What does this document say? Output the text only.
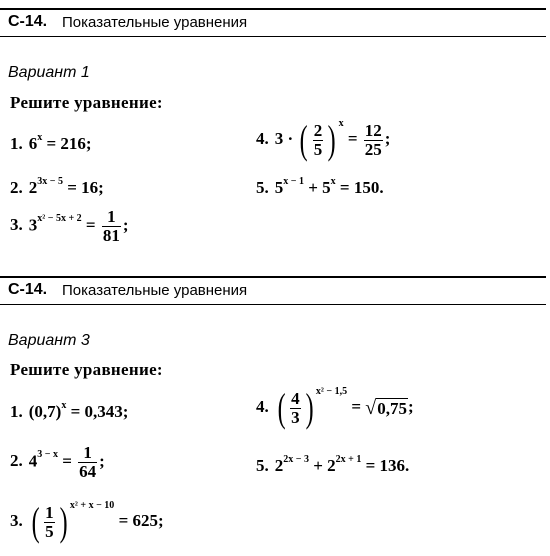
С-14. Показательные уравнения
Вариант 1
Решите уравнение:
1. $6^x = 216$;
2. $2^{3x - 5} = 16$;
3. $3^{x^2 - 5x + 2} = \frac{1}{81}$ ;
4. 3 · ( $\frac{2}{5}$ ) $^x = \frac{12}{25}$ ;
5. $5^{x - 1} + 5^x = 150$.
С-14. Показательные уравнения
Вариант 3
Решите уравнение:
1. $(0,7)^x = 0,343$;
2. $4^{3 - x} = \frac{1}{64}$ ;
3. ( $\frac{1}{5}$ ) $^{x^2 + x - 10}$ = 625;
4. ( $\frac{4}{3}$ ) $^{x^2 - 1,5}$ = √0,75;
5. $2^{2x - 3} + 2^{2x + 1} = 136$.
